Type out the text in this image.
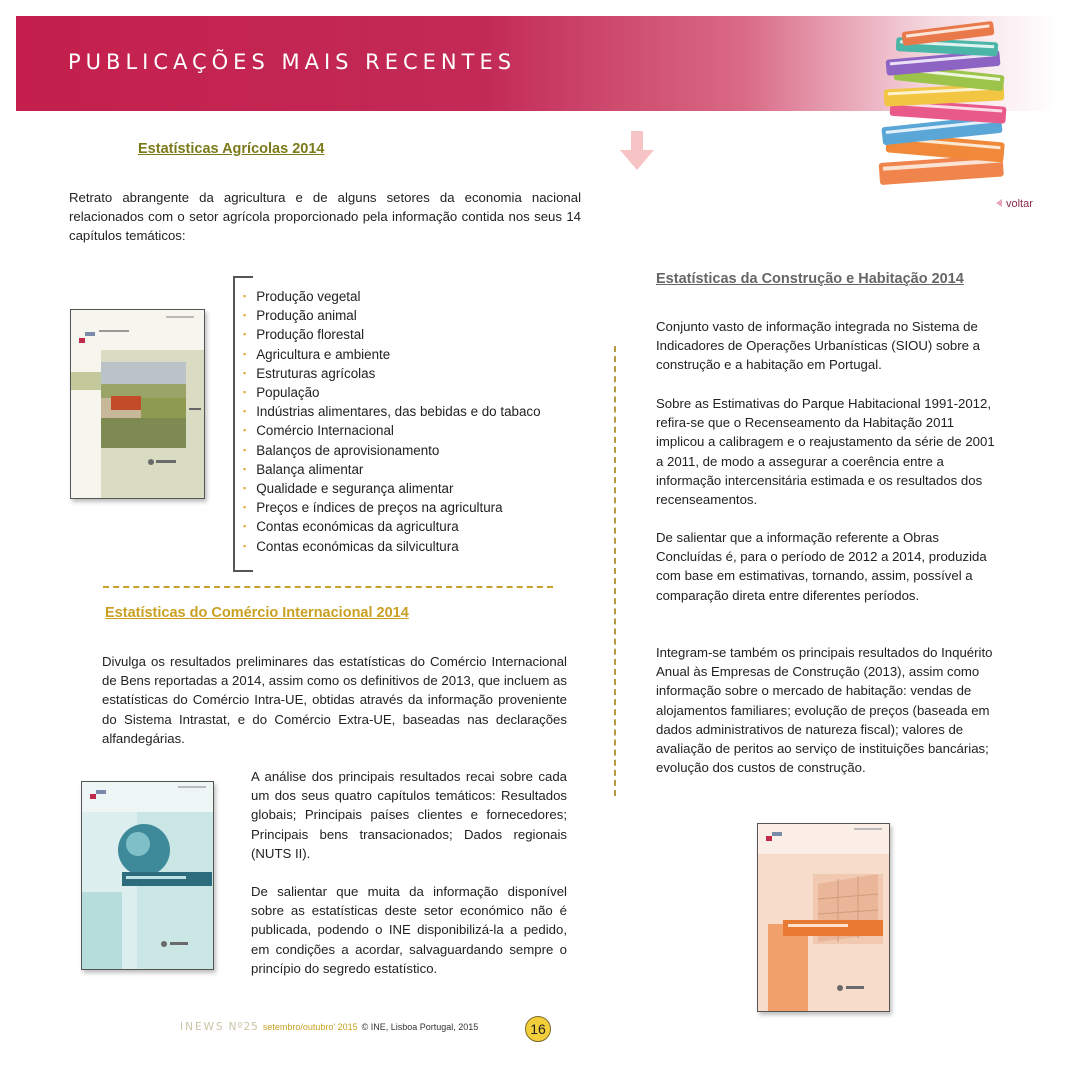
PUBLICAÇÕES MAIS RECENTES
voltar
Estatísticas Agrícolas 2014
Retrato abrangente da agricultura e de alguns setores da economia nacional relacionados com o setor agrícola proporcionado pela informação contida nos seus 14 capítulos temáticos:
▪ Produção vegetal
▪ Produção animal
▪ Produção florestal
▪ Agricultura e ambiente
▪ Estruturas agrícolas
▪ População
▪ Indústrias alimentares, das bebidas e do tabaco
▪ Comércio Internacional
▪ Balanços de aprovisionamento
▪ Balança alimentar
▪ Qualidade e segurança alimentar
▪ Preços e índices de preços na agricultura
▪ Contas económicas da agricultura
▪ Contas económicas da silvicultura
Estatísticas do Comércio Internacional 2014
Divulga os resultados preliminares das estatísticas do Comércio Internacional de Bens reportadas a 2014, assim como os definitivos de 2013, que incluem as estatísticas do Comércio Intra-UE, obtidas através da informação proveniente do Sistema Intrastat, e do Comércio Extra-UE, baseadas nas declarações alfandegárias.
A análise dos principais resultados recai sobre cada um dos seus quatro capítulos temáticos: Resultados globais; Principais países clientes e fornecedores; Principais bens transacionados; Dados regionais (NUTS II).
De salientar que muita da informação disponível sobre as estatísticas deste setor económico não é publicada, podendo o INE disponibilizá-la a pedido, em condições a acordar, salvaguardando sempre o princípio do segredo estatístico.
Estatísticas da Construção e Habitação 2014
Conjunto vasto de informação integrada no Sistema de Indicadores de Operações Urbanísticas (SIOU) sobre a construção e a habitação em Portugal.
Sobre as Estimativas do Parque Habitacional 1991-2012, refira-se que o Recenseamento da Habitação 2011 implicou a calibragem e o reajustamento da série de 2001 a 2011, de modo a assegurar a coerência entre a informação intercensitária estimada e os resultados dos recenseamentos.
De salientar que a informação referente a Obras Concluídas é, para o período de 2012 a 2014, produzida com base em estimativas, tornando, assim, possível a comparação direta entre diferentes períodos.
Integram-se também os principais resultados do Inquérito Anual às Empresas de Construção (2013), assim como informação sobre o mercado de habitação: vendas de alojamentos familiares; evolução de preços (baseada em dados administrativos de natureza fiscal); valores de avaliação de peritos ao serviço de instituições bancárias; evolução dos custos de construção.
INEWS Nº25 setembro/outubro' 2015 © INE, Lisboa Portugal, 2015	16
